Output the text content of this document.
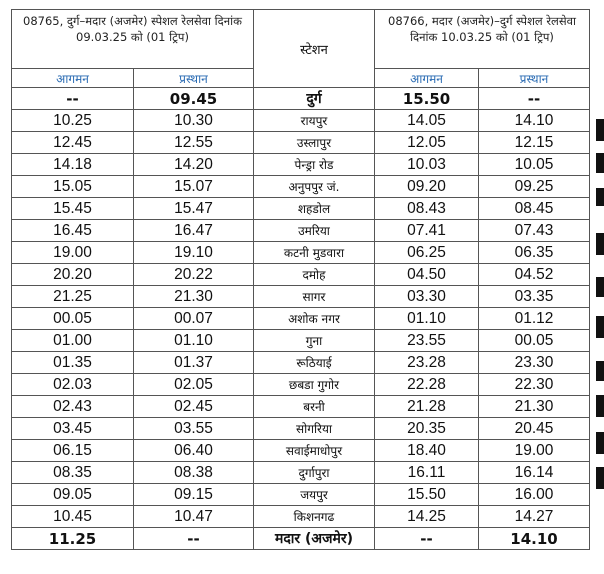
08765, दुर्ग–मदार (अजमेर) स्पेशल रेलसेवा दिनांक 09.03.25 को (01 ट्रिप)		स्टेशन	08766, मदार (अजमेर)–दुर्ग स्पेशल रेलसेवा दिनांक 10.03.25 को (01 ट्रिप)	
आगमन	प्रस्थान		आगमन	प्रस्थान
--	09.45	दुर्ग	15.50	--
10.25	10.30	रायपुर	14.05	14.10
12.45	12.55	उस्लापुर	12.05	12.15
14.18	14.20	पेन्ड्रा रोड	10.03	10.05
15.05	15.07	अनुपपुर जं.	09.20	09.25
15.45	15.47	शहडोल	08.43	08.45
16.45	16.47	उमरिया	07.41	07.43
19.00	19.10	कटनी मुडवारा	06.25	06.35
20.20	20.22	दमोह	04.50	04.52
21.25	21.30	सागर	03.30	03.35
00.05	00.07	अशोक नगर	01.10	01.12
01.00	01.10	गुना	23.55	00.05
01.35	01.37	रूठियाई	23.28	23.30
02.03	02.05	छबडा गुगोर	22.28	22.30
02.43	02.45	बरनी	21.28	21.30
03.45	03.55	सोगरिया	20.35	20.45
06.15	06.40	सवाईमाधोपुर	18.40	19.00
08.35	08.38	दुर्गापुरा	16.11	16.14
09.05	09.15	जयपुर	15.50	16.00
10.45	10.47	किशनगढ	14.25	14.27
11.25	--	मदार (अजमेर)	--	14.10
